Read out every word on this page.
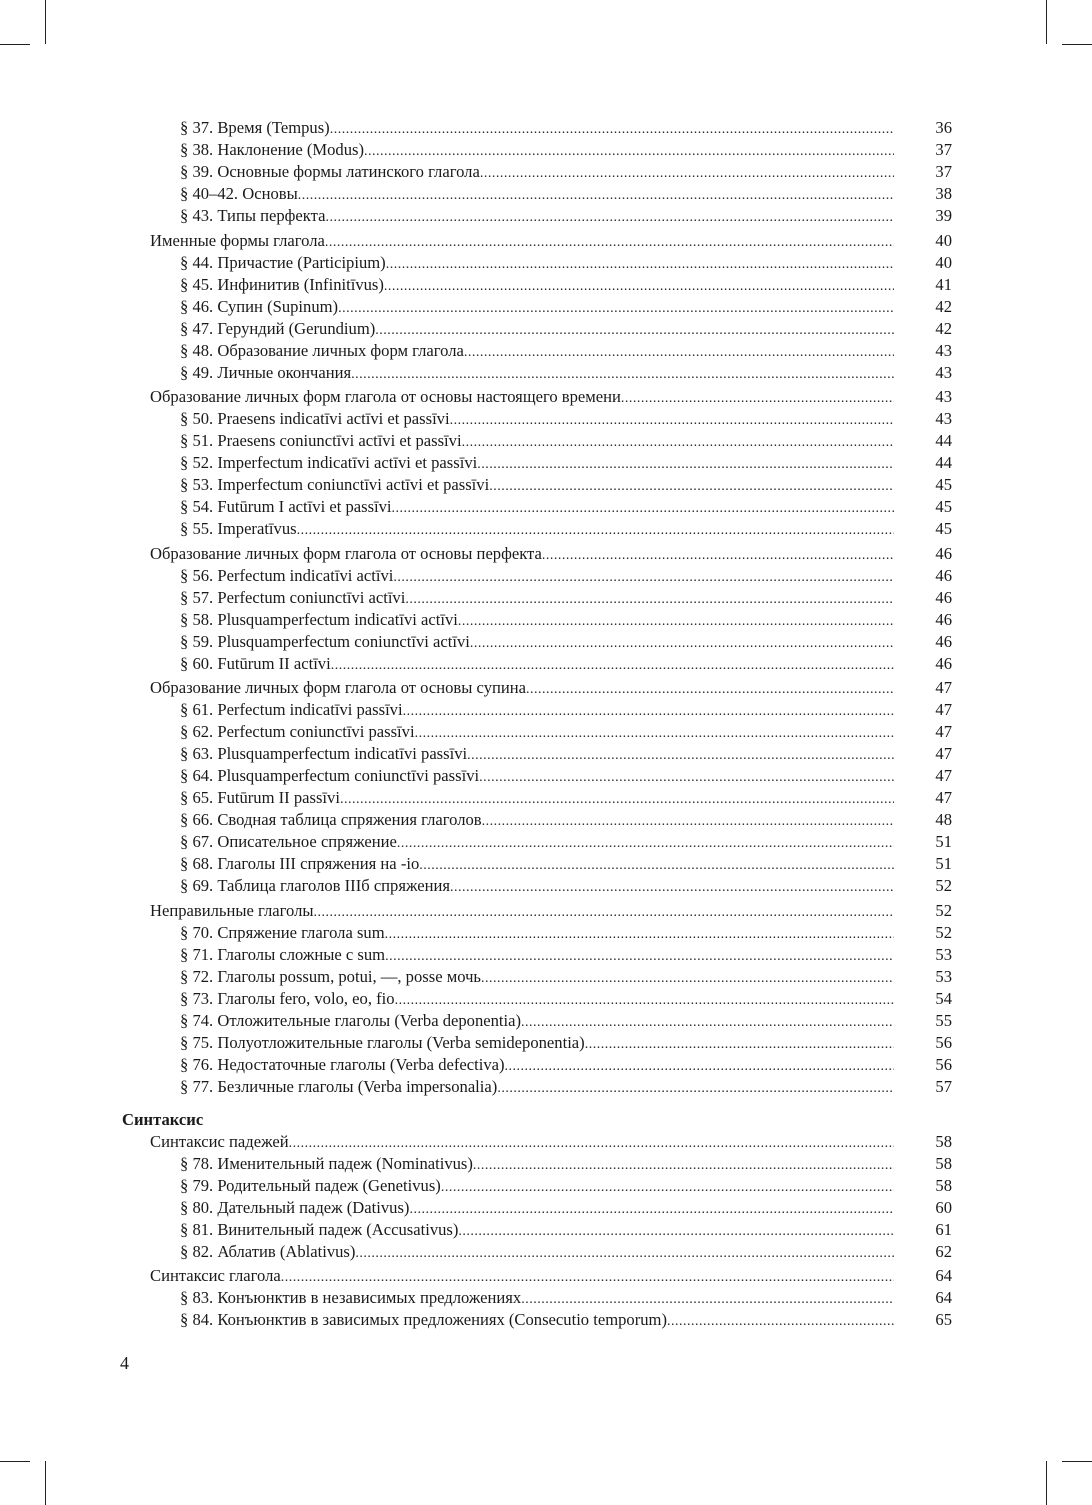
§ 37. Время (Tempus) .....	36
§ 38. Наклонение (Modus) .....	37
§ 39. Основные формы латинского глагола .....	37
§ 40–42. Основы .....	38
§ 43. Типы перфекта .....	39
Именные формы глагола .....	40
§ 44. Причастие (Participium) .....	40
§ 45. Инфинитив (Infinitīvus) .....	41
§ 46. Супин (Supinum) .....	42
§ 47. Герундий (Gerundium) .....	42
§ 48. Образование личных форм глагола .....	43
§ 49. Личные окончания .....	43
Образование личных форм глагола от основы настоящего времени .....	43
§ 50. Praesens indicatīvi actīvi et passīvi .....	43
§ 51. Praesens coniunctīvi actīvi et passīvi .....	44
§ 52. Imperfectum indicatīvi actīvi et passīvi .....	44
§ 53. Imperfectum coniunctīvi actīvi et passīvi .....	45
§ 54. Futūrum I actīvi et passīvi .....	45
§ 55. Imperatīvus .....	45
Образование личных форм глагола от основы перфекта .....	46
§ 56. Perfectum indicatīvi actīvi .....	46
§ 57. Perfectum coniunctīvi actīvi .....	46
§ 58. Plusquamperfectum indicatīvi actīvi .....	46
§ 59. Plusquamperfectum coniunctīvi actīvi .....	46
§ 60. Futūrum II actīvi .....	46
Образование личных форм глагола от основы супина .....	47
§ 61. Perfectum indicatīvi passīvi .....	47
§ 62. Perfectum coniunctīvi passīvi .....	47
§ 63. Plusquamperfectum indicatīvi passīvi .....	47
§ 64. Plusquamperfectum coniunctīvi passīvi .....	47
§ 65. Futūrum II passīvi .....	47
§ 66. Сводная таблица спряжения глаголов .....	48
§ 67. Описательное спряжение .....	51
§ 68. Глаголы III спряжения на -io .....	51
§ 69. Таблица глаголов IIIб спряжения .....	52
Неправильные глаголы .....	52
§ 70. Спряжение глагола sum .....	52
§ 71. Глаголы сложные с sum .....	53
§ 72. Глаголы possum, potui, —, posse мочь .....	53
§ 73. Глаголы fero, volo, eo, fio .....	54
§ 74. Отложительные глаголы (Verba deponentia) .....	55
§ 75. Полуотложительные глаголы (Verba semideponentia) .....	56
§ 76. Недостаточные глаголы (Verba defectiva) .....	56
§ 77. Безличные глаголы (Verba impersonalia) .....	57
Синтаксис
Синтаксис падежей .....	58
§ 78. Именительный падеж (Nominativus) .....	58
§ 79. Родительный падеж (Genetivus) .....	58
§ 80. Дательный падеж (Dativus) .....	60
§ 81. Винительный падеж (Accusativus) .....	61
§ 82. Аблатив (Ablativus) .....	62
Синтаксис глагола .....	64
§ 83. Конъюнктив в независимых предложениях .....	64
§ 84. Конъюнктив в зависимых предложениях (Consecutio temporum) .....	65
4
